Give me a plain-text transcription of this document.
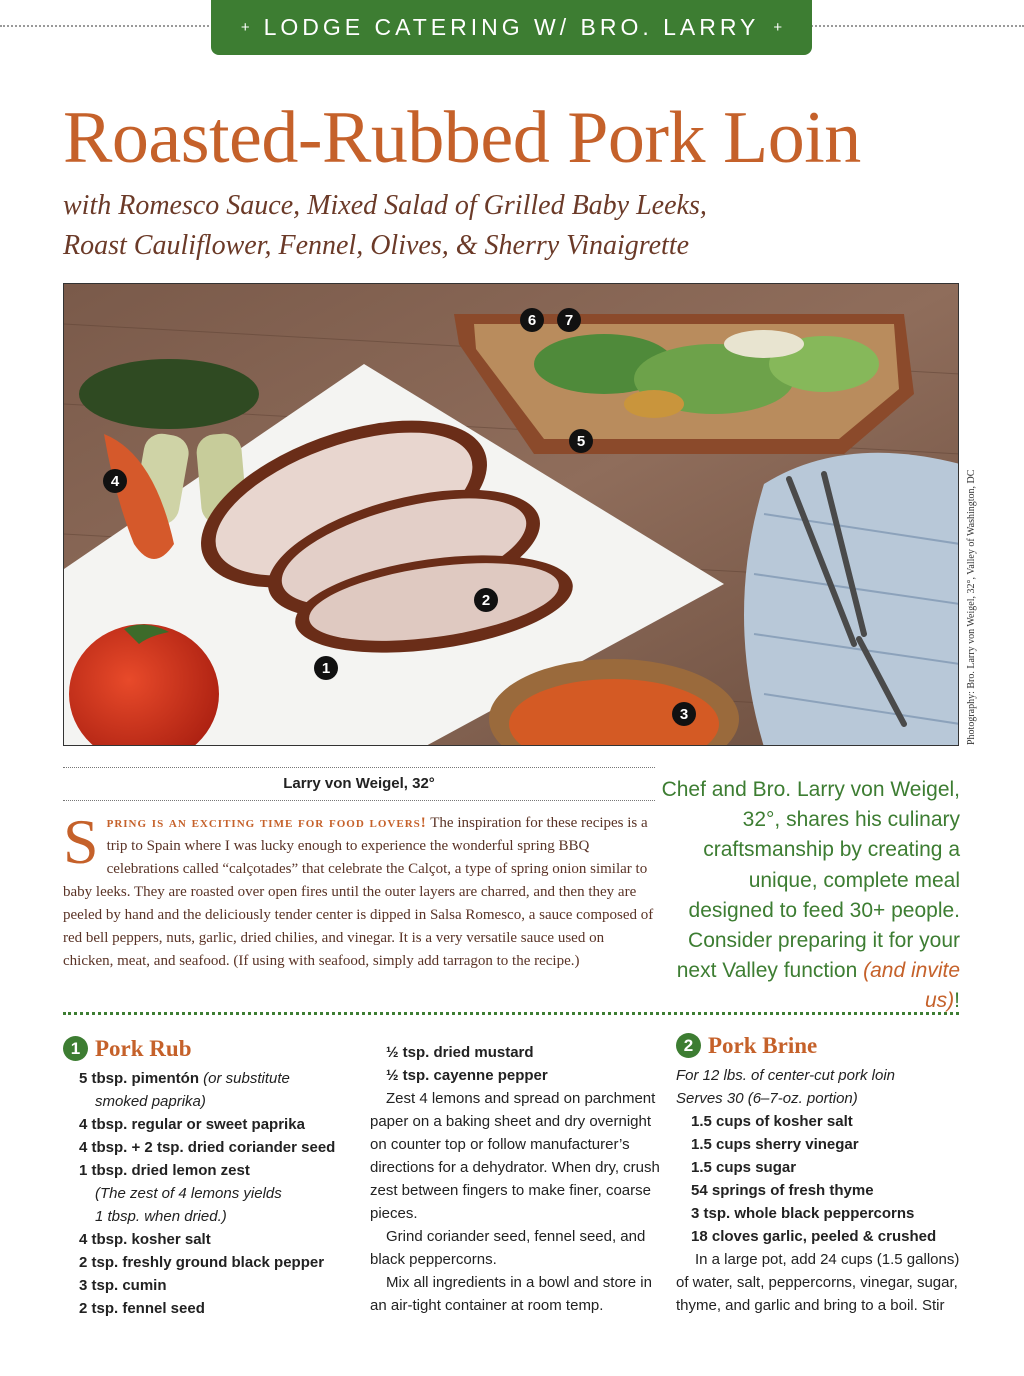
+ LODGE CATERING W/ BRO. LARRY +
Roasted-Rubbed Pork Loin
with Romesco Sauce, Mixed Salad of Grilled Baby Leeks,
Roast Cauliflower, Fennel, Olives, & Sherry Vinaigrette
1
2
3
4
5
6 7
Photography: Bro. Larry von Weigel, 32°, Valley of Washington, DC
Larry von Weigel, 32°
S pring is an exciting time for food lovers! The inspiration for these recipes is a trip to Spain where I was lucky enough to experience the wonderful spring BBQ celebrations called “calçotades” that celebrate the Calçot, a type of spring onion similar to baby leeks. They are roasted over open fires until the outer layers are charred, and then they are peeled by hand and the deliciously tender center is dipped in Salsa Romesco, a sauce composed of red bell peppers, nuts, garlic, dried chilies, and vinegar. It is a very versatile sauce used on chicken, meat, and seafood. (If using with seafood, simply add tarragon to the recipe.)
Chef and Bro. Larry von Weigel, 32°, shares his culinary craftsmanship by creating a unique, complete meal designed to feed 30+ people. Consider preparing it for your next Valley function (and invite us)!
1 Pork Rub
5 tbsp. pimentón (or substitute
smoked paprika)
4 tbsp. regular or sweet paprika
4 tbsp. + 2 tsp. dried coriander seed
1 tbsp. dried lemon zest
(The zest of 4 lemons yields
1 tbsp. when dried.)
4 tbsp. kosher salt
2 tsp. freshly ground black pepper
3 tsp. cumin
2 tsp. fennel seed
½ tsp. dried mustard
½ tsp. cayenne pepper
Zest 4 lemons and spread on parchment paper on a baking sheet and dry overnight on counter top or follow manufacturer’s directions for a dehydrator. When dry, crush zest between fingers to make finer, coarse pieces.
Grind coriander seed, fennel seed, and black peppercorns.
Mix all ingredients in a bowl and store in an air-tight container at room temp.
2 Pork Brine
For 12 lbs. of center-cut pork loin
Serves 30 (6–7-oz. portion)
1.5 cups of kosher salt
1.5 cups sherry vinegar
1.5 cups sugar
54 springs of fresh thyme
3 tsp. whole black peppercorns
18 cloves garlic, peeled & crushed
In a large pot, add 24 cups (1.5 gallons) of water, salt, peppercorns, vinegar, sugar, thyme, and garlic and bring to a boil. Stir
